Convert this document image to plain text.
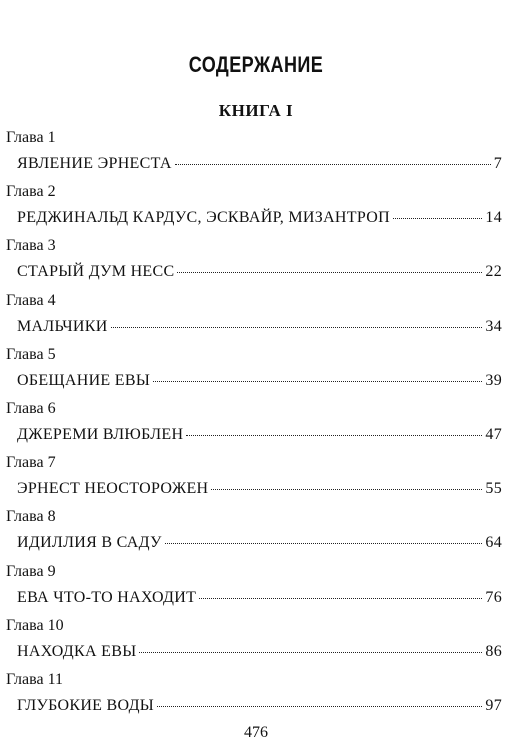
СОДЕРЖАНИЕ
КНИГА I
Глава 1
ЯВЛЕНИЕ ЭРНЕСТА	7
Глава 2
РЕДЖИНАЛЬД КАРДУС, ЭСКВАЙР, МИЗАНТРОП	14
Глава 3
СТАРЫЙ ДУМ НЕСС	22
Глава 4
МАЛЬЧИКИ	34
Глава 5
ОБЕЩАНИЕ ЕВЫ	39
Глава 6
ДЖЕРЕМИ ВЛЮБЛЕН	47
Глава 7
ЭРНЕСТ НЕОСТОРОЖЕН	55
Глава 8
ИДИЛЛИЯ В САДУ	64
Глава 9
ЕВА ЧТО-ТО НАХОДИТ	76
Глава 10
НАХОДКА ЕВЫ	86
Глава 11
ГЛУБОКИЕ ВОДЫ	97
476
